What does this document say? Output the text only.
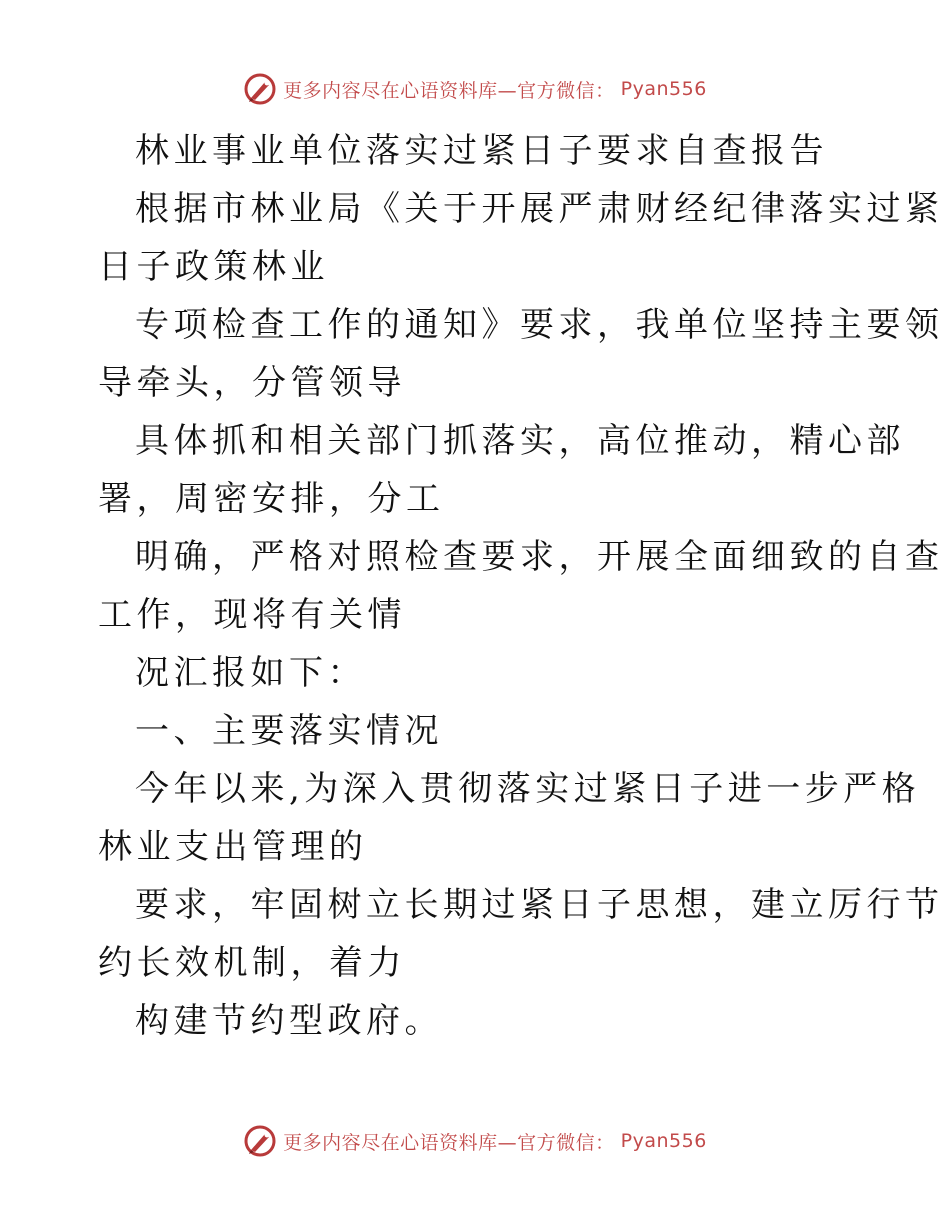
更多内容尽在心语资料库—官方微信： Pyan556
林业事业单位落实过紧日子要求自查报告
根据市林业局《关于开展严肃财经纪律落实过紧
日子政策林业
专项检查工作的通知》要求，我单位坚持主要领
导牵头，分管领导
具体抓和相关部门抓落实，高位推动，精心部
署，周密安排，分工
明确，严格对照检查要求，开展全面细致的自查
工作，现将有关情
况汇报如下：
一、主要落实情况
今年以来,为深入贯彻落实过紧日子进一步严格
林业支出管理的
要求，牢固树立长期过紧日子思想，建立厉行节
约长效机制，着力
构建节约型政府。
更多内容尽在心语资料库—官方微信： Pyan556
